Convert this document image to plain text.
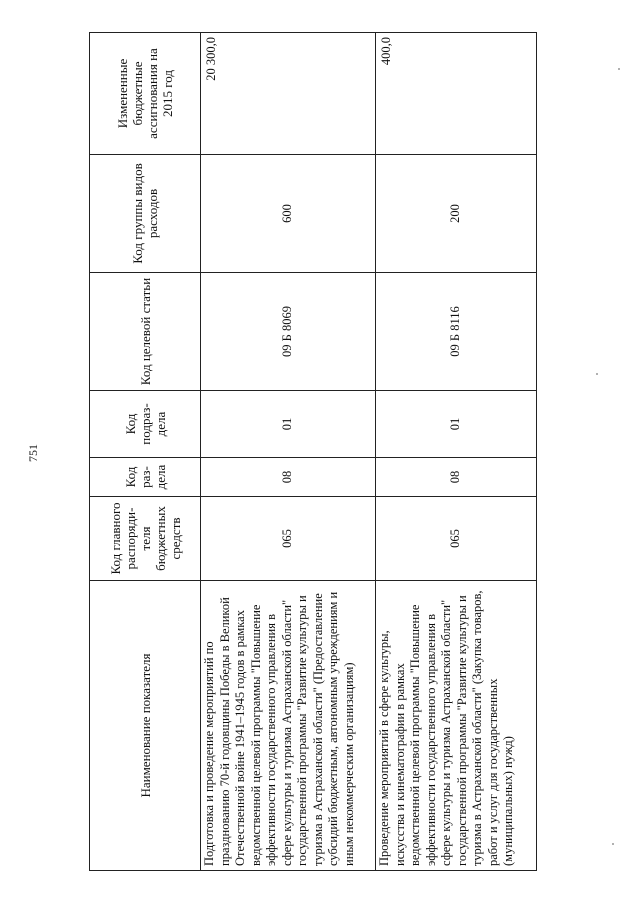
751
Наименование показателя	Код главного распоряди- теля бюджетных средств	Код раз- дела	Код подраз- дела	Код целевой статьи	Код группы видов расходов	Измененные бюджетные ассигнования на 2015 год
Подготовка и проведение мероприятий по празднованию 70-й годовщины Победы в Великой Отечественной войне 1941–1945 годов в рамках ведомственной целевой программы "Повышение эффективности государственного управления в сфере культуры и туризма Астраханской области" государственной программы "Развитие культуры и туризма в Астраханской области" (Предоставление субсидий бюджетным, автономным учреждениям и иным некоммерческим организациям)	065	08	01	09 Б 8069	600	20 300,0
Проведение мероприятий в сфере культуры, искусства и кинематографии в рамках ведомственной целевой программы "Повышение эффективности государственного управления в сфере культуры и туризма Астраханской области" государственной программы "Развитие культуры и туризма в Астраханской области" (Закупка товаров, работ и услуг для государственных (муниципальных) нужд)	065	08	01	09 Б 8116	200	400,0
